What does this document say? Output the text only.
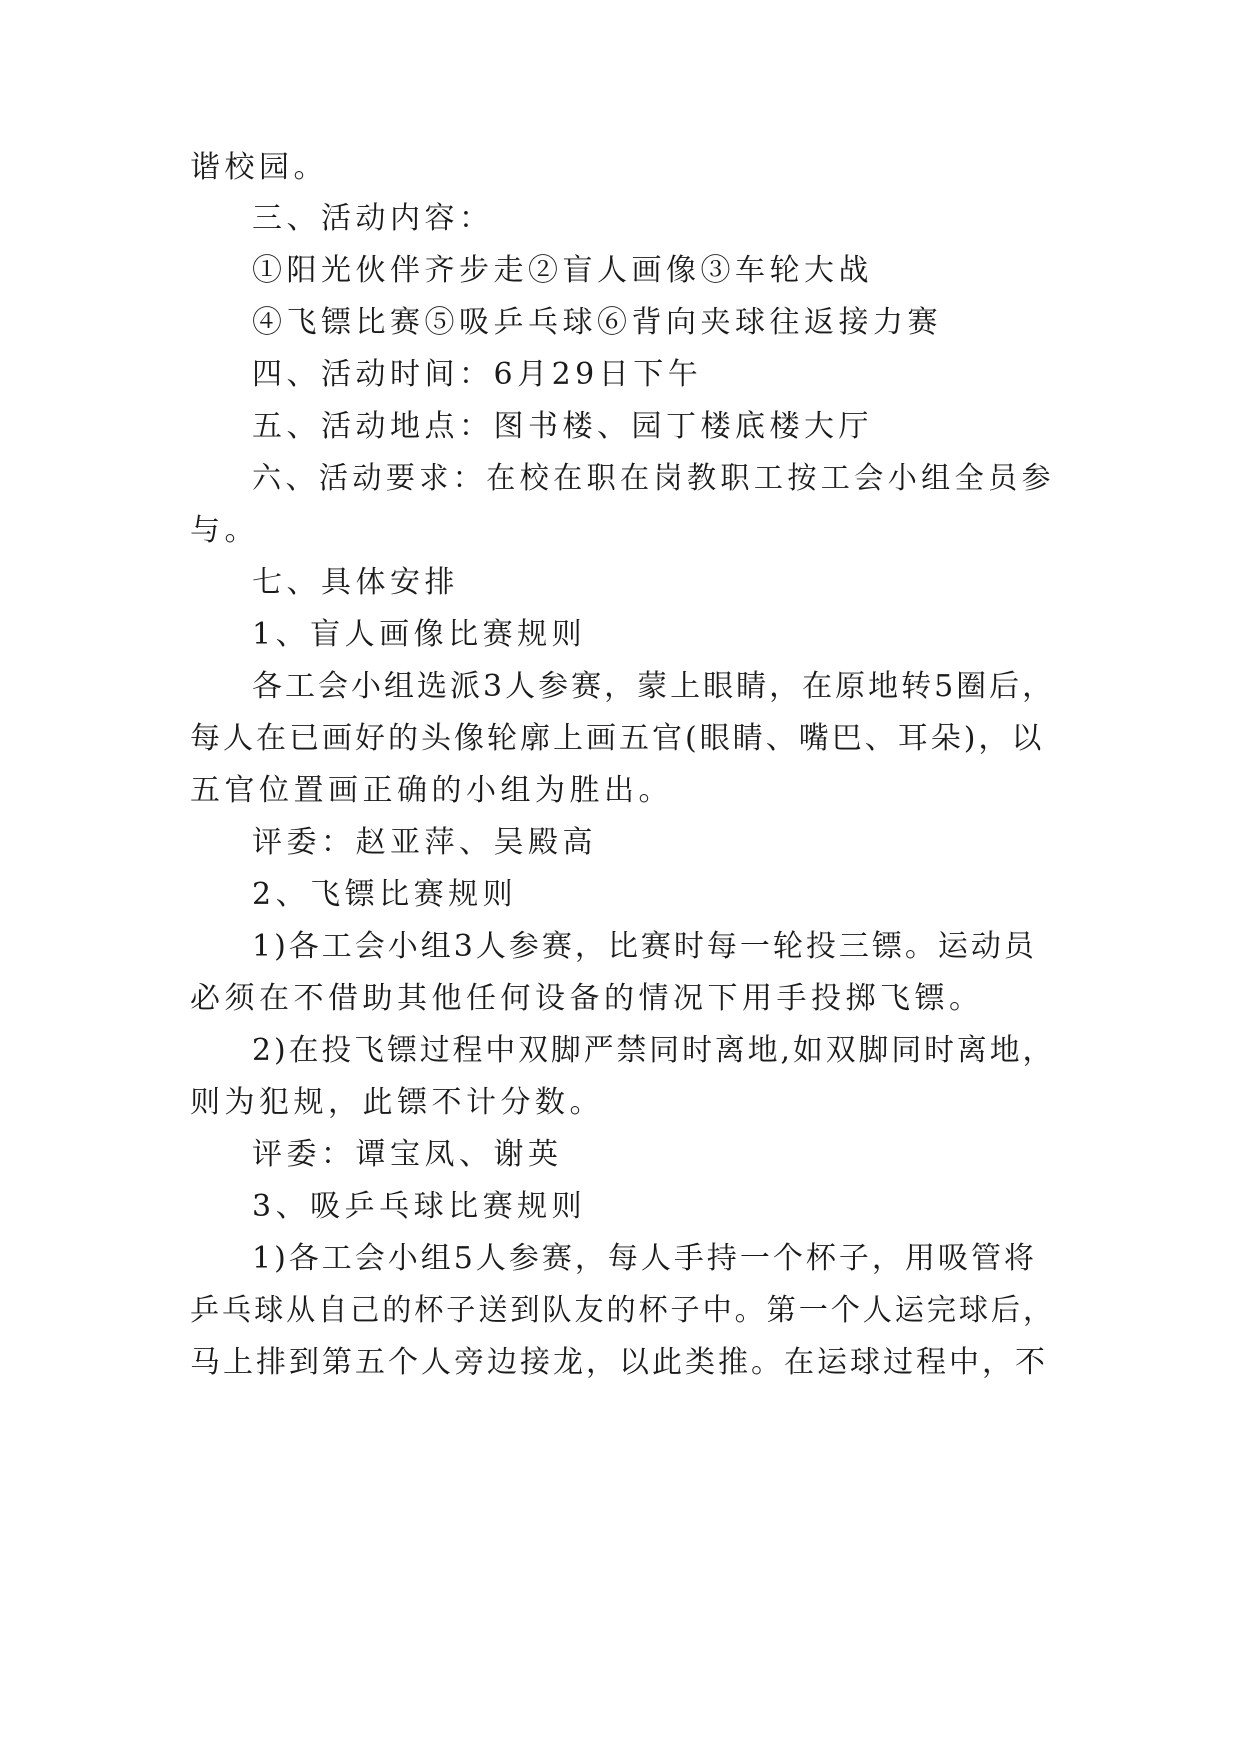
谐校园。
三、活动内容：
①阳光伙伴齐步走②盲人画像③车轮大战
④飞镖比赛⑤吸乒乓球⑥背向夹球往返接力赛
四、活动时间：6月29日下午
五、活动地点：图书楼、园丁楼底楼大厅
六、活动要求：在校在职在岗教职工按工会小组全员参
与。
七、具体安排
1、盲人画像比赛规则
各工会小组选派3人参赛，蒙上眼睛，在原地转5圈后，
每人在已画好的头像轮廓上画五官(眼睛、嘴巴、耳朵)，以
五官位置画正确的小组为胜出。
评委：赵亚萍、吴殿高
2、飞镖比赛规则
1)各工会小组3人参赛，比赛时每一轮投三镖。运动员
必须在不借助其他任何设备的情况下用手投掷飞镖。
2)在投飞镖过程中双脚严禁同时离地,如双脚同时离地，
则为犯规，此镖不计分数。
评委：谭宝凤、谢英
3、吸乒乓球比赛规则
1)各工会小组5人参赛，每人手持一个杯子，用吸管将
乒乓球从自己的杯子送到队友的杯子中。第一个人运完球后，
马上排到第五个人旁边接龙，以此类推。在运球过程中，不
